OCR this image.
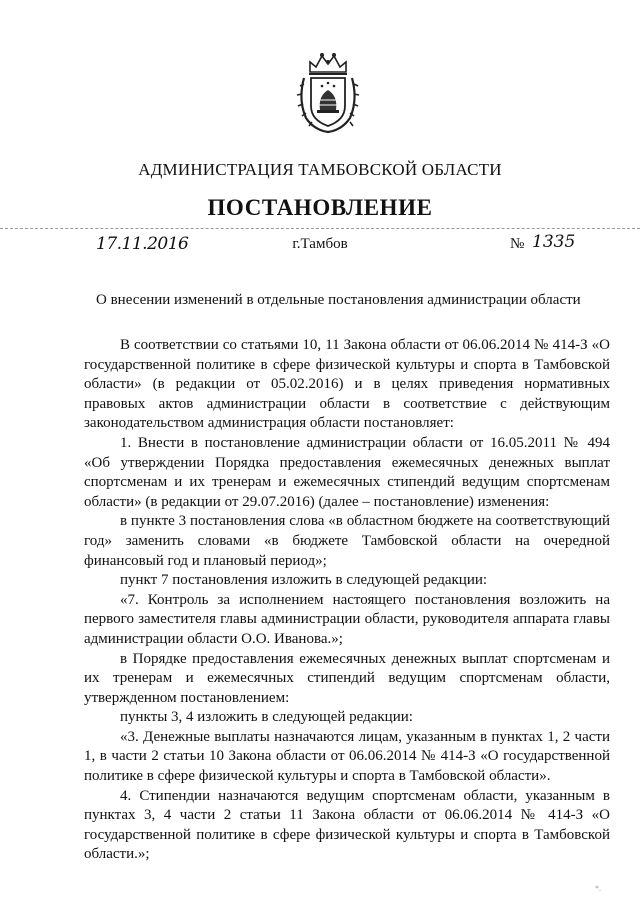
АДМИНИСТРАЦИЯ ТАМБОВСКОЙ ОБЛАСТИ
ПОСТАНОВЛЕНИЕ
17.11.2016	г.Тамбов	№ 1335
О внесении изменений в отдельные постановления администрации области

В соответствии со статьями 10, 11 Закона области от 06.06.2014 № 414-З «О государственной политике в сфере физической культуры и спорта в Тамбовской области» (в редакции от 05.02.2016) и в целях приведения нормативных правовых актов администрации области в соответствие с действующим законодательством администрация области постановляет:

1. Внести в постановление администрации области от 16.05.2011 № 494 «Об утверждении Порядка предоставления ежемесячных денежных выплат спортсменам и их тренерам и ежемесячных стипендий ведущим спортсменам области» (в редакции от 29.07.2016) (далее – постановление) изменения:

в пункте 3 постановления слова «в областном бюджете на соответствующий год» заменить словами «в бюджете Тамбовской области на очередной финансовый год и плановый период»;

пункт 7 постановления изложить в следующей редакции:

«7. Контроль за исполнением настоящего постановления возложить на первого заместителя главы администрации области, руководителя аппарата главы администрации области О.О. Иванова.»;

в Порядке предоставления ежемесячных денежных выплат спортсменам и их тренерам и ежемесячных стипендий ведущим спортсменам области, утвержденном постановлением:

пункты 3, 4 изложить в следующей редакции:

«3. Денежные выплаты назначаются лицам, указанным в пунктах 1, 2 части 1, в части 2 статьи 10 Закона области от 06.06.2014 № 414-З «О государственной политике в сфере физической культуры и спорта в Тамбовской области».

4. Стипендии назначаются ведущим спортсменам области, указанным в пунктах 3, 4 части 2 статьи 11 Закона области от 06.06.2014 № 414-З «О государственной политике в сфере физической культуры и спорта в Тамбовской области.»;

*.
